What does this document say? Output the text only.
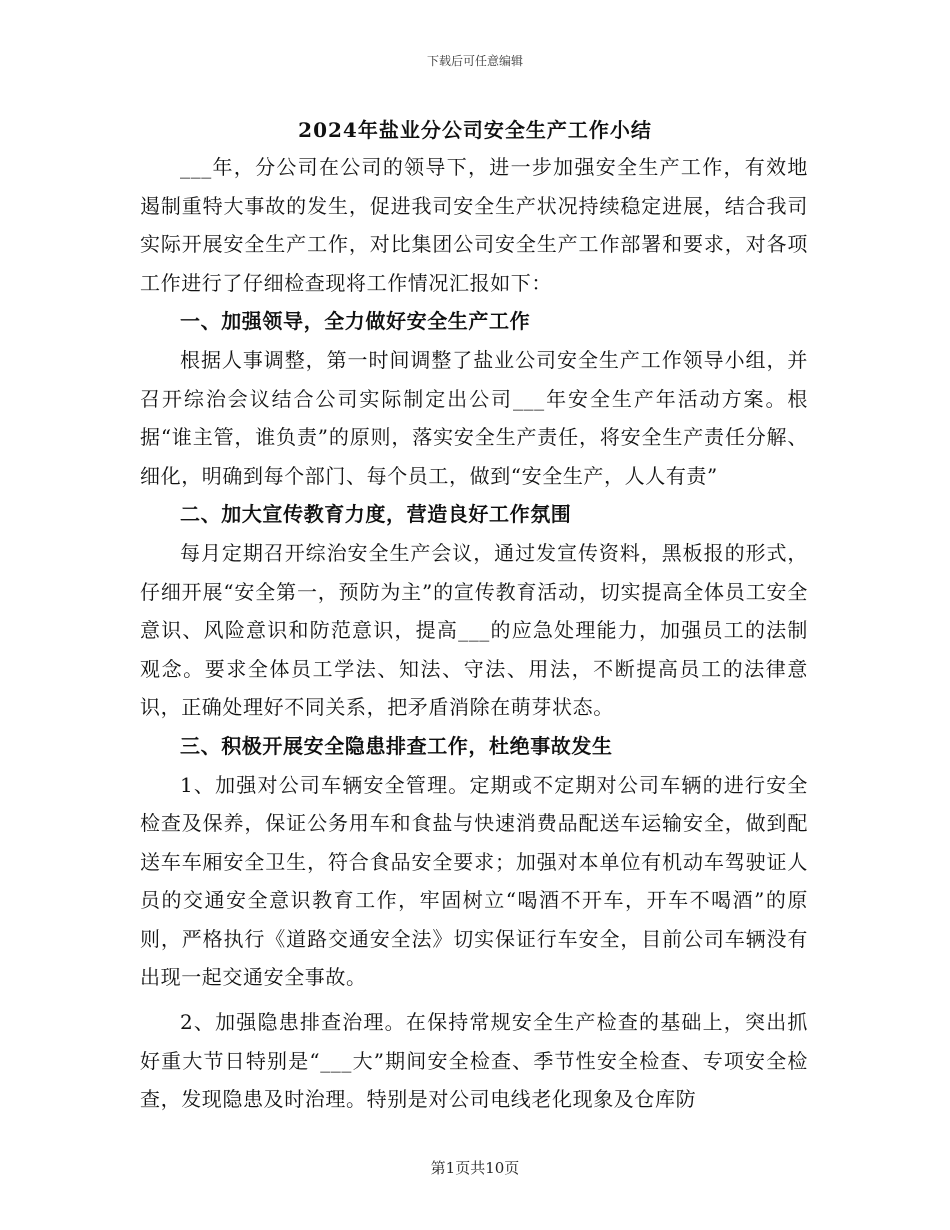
下载后可任意编辑
2024年盐业分公司安全生产工作小结

___年，分公司在公司的领导下，进一步加强安全生产工作，有效地遏制重特大事故的发生，促进我司安全生产状况持续稳定进展，结合我司实际开展安全生产工作，对比集团公司安全生产工作部署和要求，对各项工作进行了仔细检查现将工作情况汇报如下：

一、加强领导，全力做好安全生产工作

根据人事调整，第一时间调整了盐业公司安全生产工作领导小组，并召开综治会议结合公司实际制定出公司___年安全生产年活动方案。根据“谁主管，谁负责”的原则，落实安全生产责任，将安全生产责任分解、细化，明确到每个部门、每个员工，做到“安全生产，人人有责”

二、加大宣传教育力度，营造良好工作氛围

每月定期召开综治安全生产会议，通过发宣传资料，黑板报的形式，仔细开展“安全第一，预防为主”的宣传教育活动，切实提高全体员工安全意识、风险意识和防范意识，提高___的应急处理能力，加强员工的法制观念。要求全体员工学法、知法、守法、用法，不断提高员工的法律意识，正确处理好不同关系，把矛盾消除在萌芽状态。

三、积极开展安全隐患排查工作，杜绝事故发生

1、加强对公司车辆安全管理。定期或不定期对公司车辆的进行安全检查及保养，保证公务用车和食盐与快速消费品配送车运输安全，做到配送车车厢安全卫生，符合食品安全要求；加强对本单位有机动车驾驶证人员的交通安全意识教育工作，牢固树立“喝酒不开车，开车不喝酒”的原则，严格执行《道路交通安全法》切实保证行车安全，目前公司车辆没有出现一起交通安全事故。

2、加强隐患排查治理。在保持常规安全生产检查的基础上，突出抓好重大节日特别是“___大”期间安全检查、季节性安全检查、专项安全检查，发现隐患及时治理。特别是对公司电线老化现象及仓库防

第1页共10页
